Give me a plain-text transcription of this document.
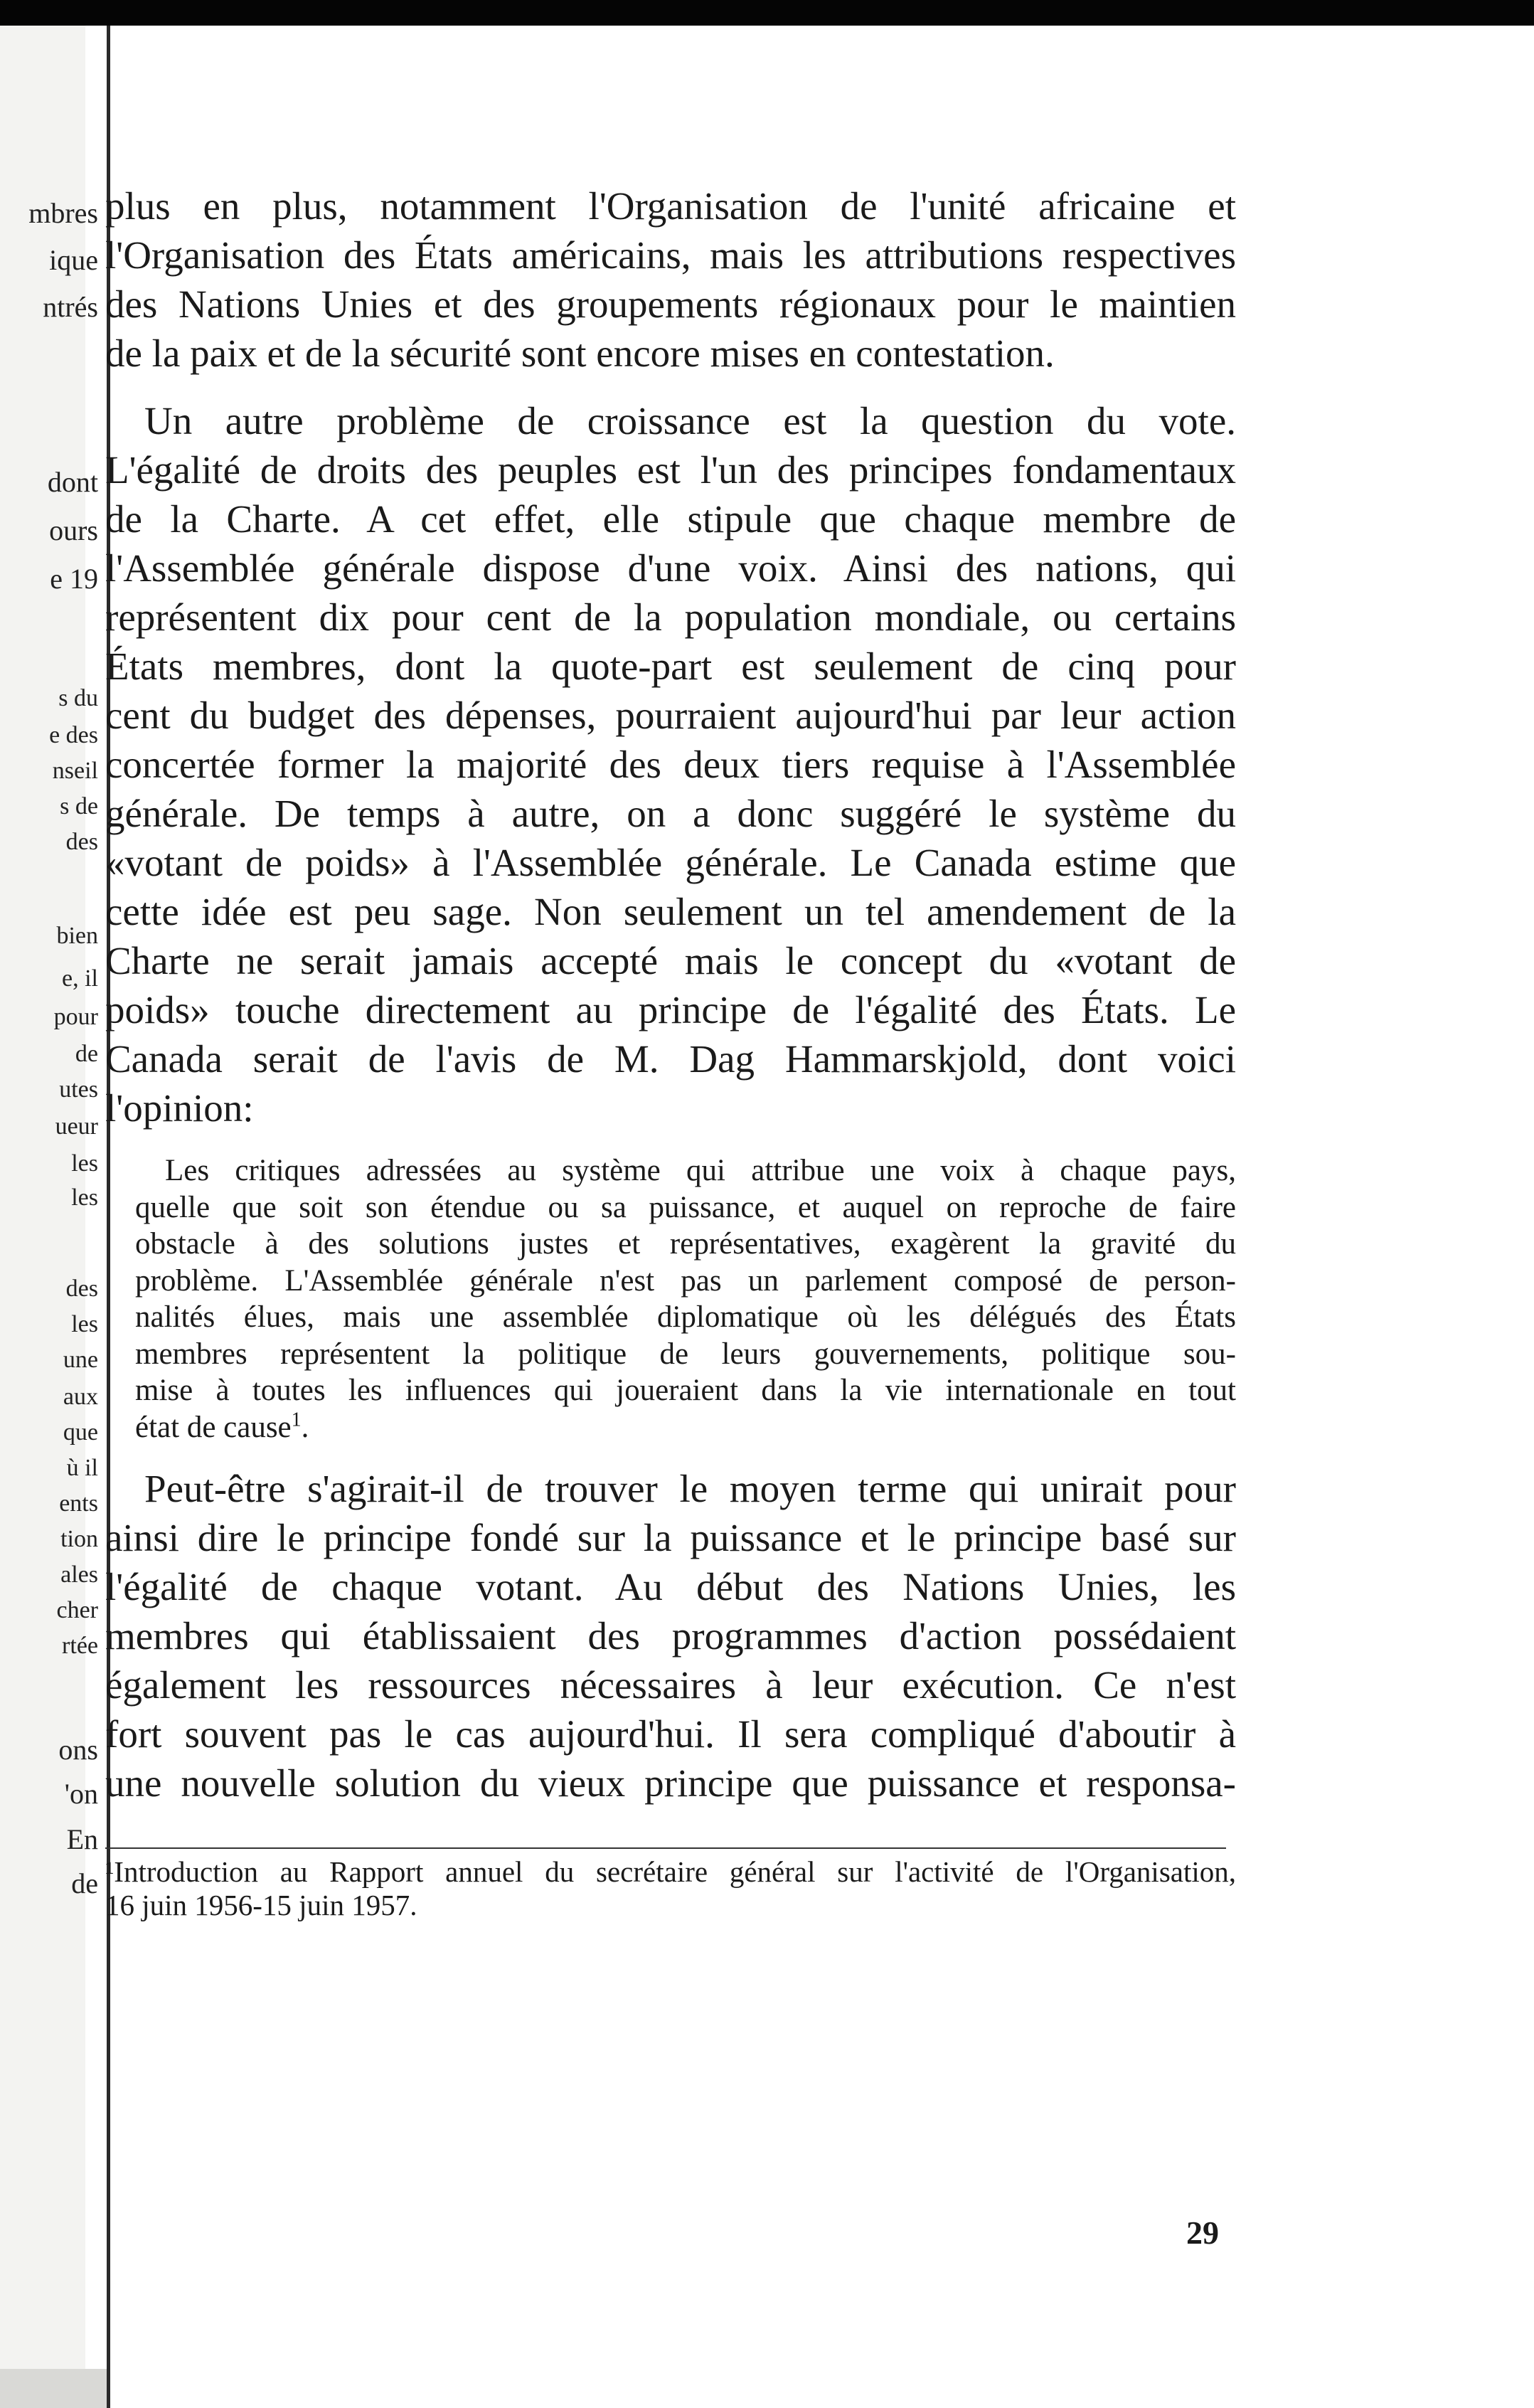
mbres
ique
ntrés
dont
ours
e 19
s du
e des
nseil
s de
des
bien
e, il
pour
de
utes
ueur
les
les
des
les
une
aux
que
ù il
ents
tion
ales
cher
rtée
ons
'on
En
de

plus en plus, notamment l'Organisation de l'unité africaine et
l'Organisation des États américains, mais les attributions respectives
des Nations Unies et des groupements régionaux pour le maintien
de la paix et de la sécurité sont encore mises en contestation.

Un autre problème de croissance est la question du vote.
L'égalité de droits des peuples est l'un des principes fondamentaux
de la Charte. A cet effet, elle stipule que chaque membre de
l'Assemblée générale dispose d'une voix. Ainsi des nations, qui
représentent dix pour cent de la population mondiale, ou certains
États membres, dont la quote-part est seulement de cinq pour
cent du budget des dépenses, pourraient aujourd'hui par leur action
concertée former la majorité des deux tiers requise à l'Assemblée
générale. De temps à autre, on a donc suggéré le système du
«votant de poids» à l'Assemblée générale. Le Canada estime que
cette idée est peu sage. Non seulement un tel amendement de la
Charte ne serait jamais accepté mais le concept du «votant de
poids» touche directement au principe de l'égalité des États. Le
Canada serait de l'avis de M. Dag Hammarskjold, dont voici
l'opinion:

Les critiques adressées au système qui attribue une voix à chaque pays,
quelle que soit son étendue ou sa puissance, et auquel on reproche de faire
obstacle à des solutions justes et représentatives, exagèrent la gravité du
problème. L'Assemblée générale n'est pas un parlement composé de person-
nalités élues, mais une assemblée diplomatique où les délégués des États
membres représentent la politique de leurs gouvernements, politique sou-
mise à toutes les influences qui joueraient dans la vie internationale en tout
état de cause$^1$.

Peut-être s'agirait-il de trouver le moyen terme qui unirait pour
ainsi dire le principe fondé sur la puissance et le principe basé sur
l'égalité de chaque votant. Au début des Nations Unies, les
membres qui établissaient des programmes d'action possédaient
également les ressources nécessaires à leur exécution. Ce n'est
fort souvent pas le cas aujourd'hui. Il sera compliqué d'aboutir à
une nouvelle solution du vieux principe que puissance et responsa-

¹Introduction au Rapport annuel du secrétaire général sur l'activité de l'Organisation,
16 juin 1956-15 juin 1957.
29
